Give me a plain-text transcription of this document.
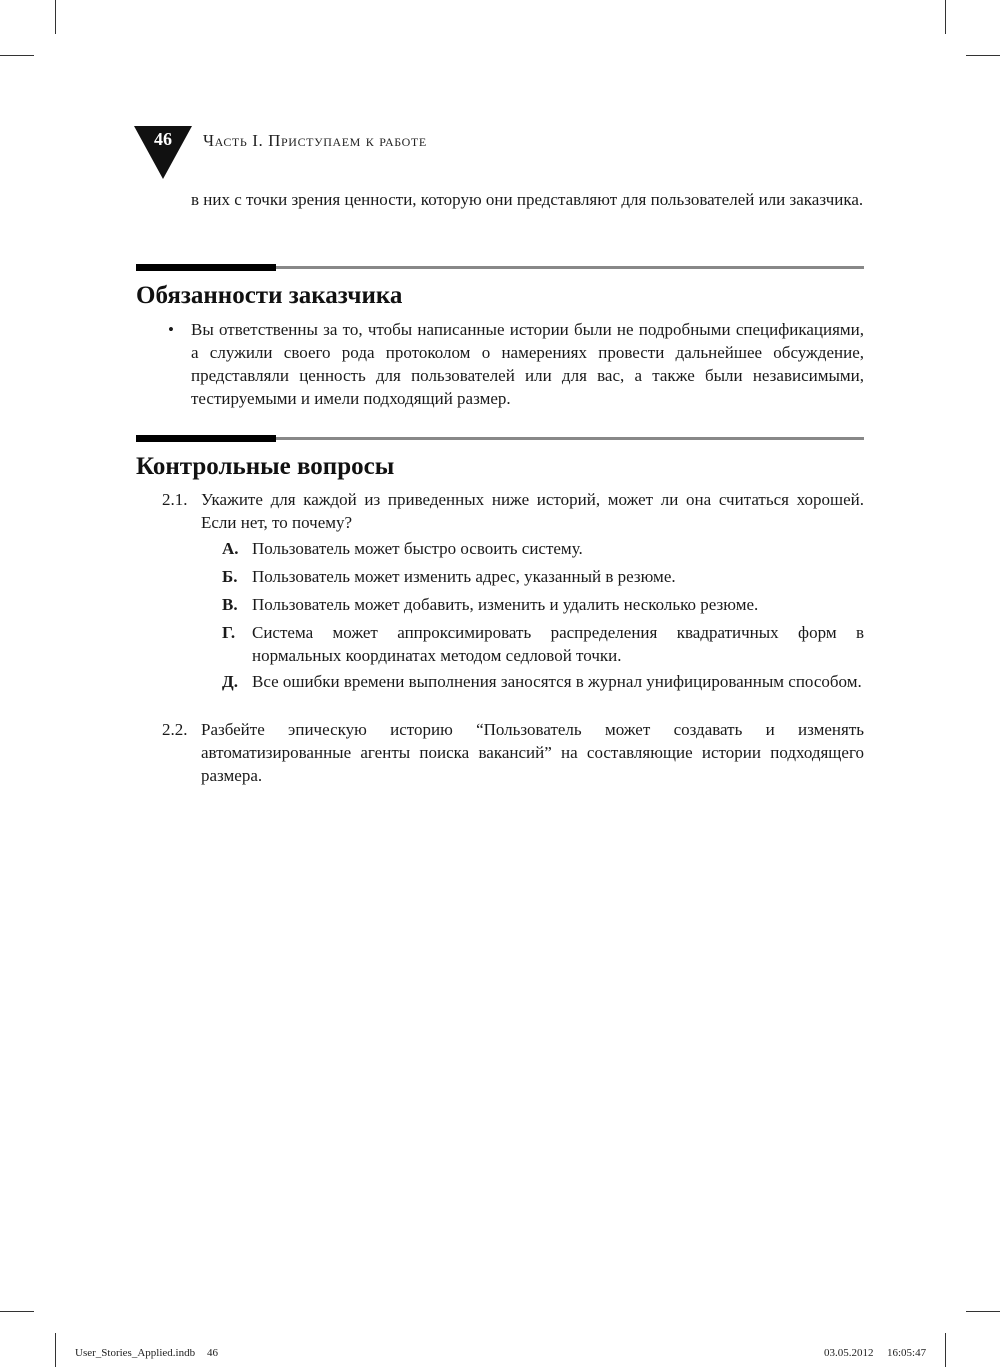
46	Часть I. Приступаем к работе

в них с точки зрения ценности, которую они представляют для пользователей или заказчика.

Обязанности заказчика
• Вы ответственны за то, чтобы написанные истории были не подробными спецификациями, а служили своего рода протоколом о намерениях провести дальнейшее обсуждение, представляли ценность для пользователей или для вас, а также были независимыми, тестируемыми и имели подходящий размер.

Контрольные вопросы
2.1. Укажите для каждой из приведенных ниже историй, может ли она считаться хорошей. Если нет, то почему?

А. Пользователь может быстро освоить систему.

Б. Пользователь может изменить адрес, указанный в резюме.

В. Пользователь может добавить, изменить и удалить несколько резюме.

Г. Система может аппроксимировать распределения квадратичных форм в нормальных координатах методом седловой точки.

Д. Все ошибки времени выполнения заносятся в журнал унифицированным способом.

2.2. Разбейте эпическую историю “Пользователь может создавать и изменять автоматизированные агенты поиска вакансий” на составляющие истории подходящего размера.

User_Stories_Applied.indb 46	03.05.2012 16:05:47
